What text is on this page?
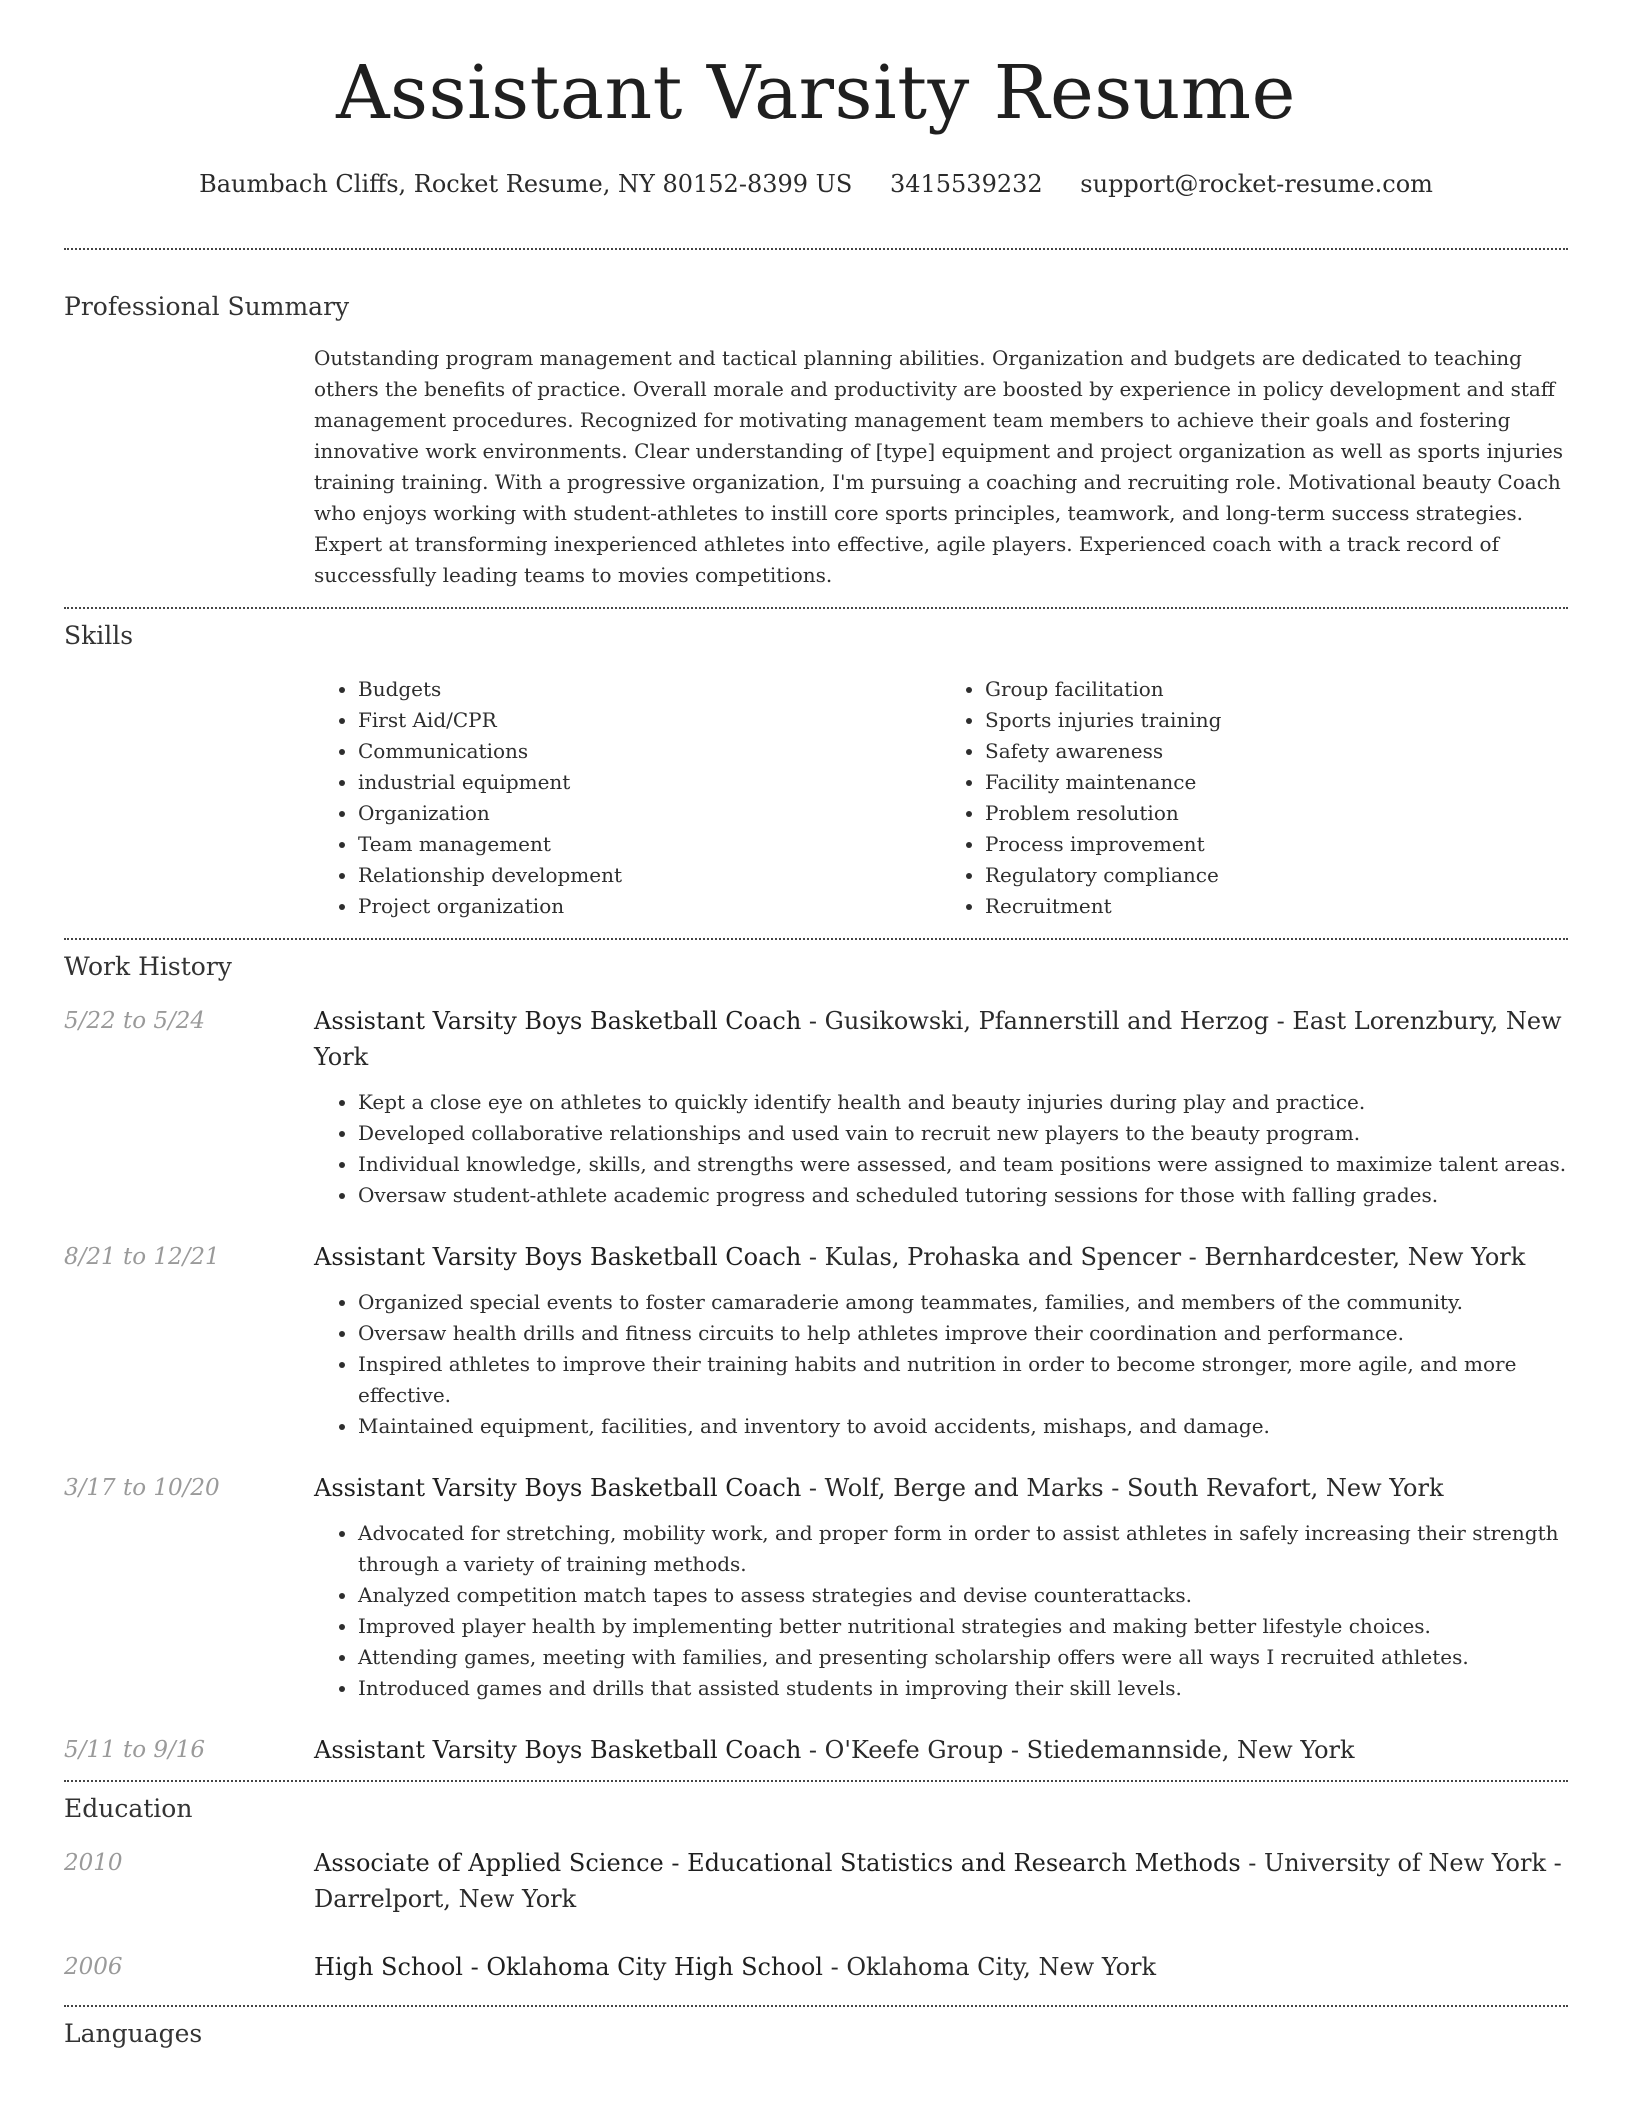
Assistant Varsity Resume
Baumbach Cliffs, Rocket Resume, NY 80152-8399 US 3415539232 support@rocket-resume.com
Professional Summary
Outstanding program management and tactical planning abilities. Organization and budgets are dedicated to teaching others the benefits of practice. Overall morale and productivity are boosted by experience in policy development and staff management procedures. Recognized for motivating management team members to achieve their goals and fostering innovative work environments. Clear understanding of [type] equipment and project organization as well as sports injuries training training. With a progressive organization, I'm pursuing a coaching and recruiting role. Motivational beauty Coach who enjoys working with student-athletes to instill core sports principles, teamwork, and long-term success strategies. Expert at transforming inexperienced athletes into effective, agile players. Experienced coach with a track record of successfully leading teams to movies competitions.
Skills
• Budgets
• First Aid/CPR
• Communications
• industrial equipment
• Organization
• Team management
• Relationship development
• Project organization
• Group facilitation
• Sports injuries training
• Safety awareness
• Facility maintenance
• Problem resolution
• Process improvement
• Regulatory compliance
• Recruitment
Work History
5/22 to 5/24	Assistant Varsity Boys Basketball Coach - Gusikowski, Pfannerstill and Herzog - East Lorenzbury, New York
• Kept a close eye on athletes to quickly identify health and beauty injuries during play and practice.
• Developed collaborative relationships and used vain to recruit new players to the beauty program.
• Individual knowledge, skills, and strengths were assessed, and team positions were assigned to maximize talent areas.
• Oversaw student-athlete academic progress and scheduled tutoring sessions for those with falling grades.
8/21 to 12/21	Assistant Varsity Boys Basketball Coach - Kulas, Prohaska and Spencer - Bernhardcester, New York
• Organized special events to foster camaraderie among teammates, families, and members of the community.
• Oversaw health drills and fitness circuits to help athletes improve their coordination and performance.
• Inspired athletes to improve their training habits and nutrition in order to become stronger, more agile, and more effective.
• Maintained equipment, facilities, and inventory to avoid accidents, mishaps, and damage.
3/17 to 10/20	Assistant Varsity Boys Basketball Coach - Wolf, Berge and Marks - South Revafort, New York
• Advocated for stretching, mobility work, and proper form in order to assist athletes in safely increasing their strength through a variety of training methods.
• Analyzed competition match tapes to assess strategies and devise counterattacks.
• Improved player health by implementing better nutritional strategies and making better lifestyle choices.
• Attending games, meeting with families, and presenting scholarship offers were all ways I recruited athletes.
• Introduced games and drills that assisted students in improving their skill levels.
5/11 to 9/16	Assistant Varsity Boys Basketball Coach - O'Keefe Group - Stiedemannside, New York
Education
2010	Associate of Applied Science - Educational Statistics and Research Methods - University of New York - Darrelport, New York
2006	High School - Oklahoma City High School - Oklahoma City, New York
Languages
